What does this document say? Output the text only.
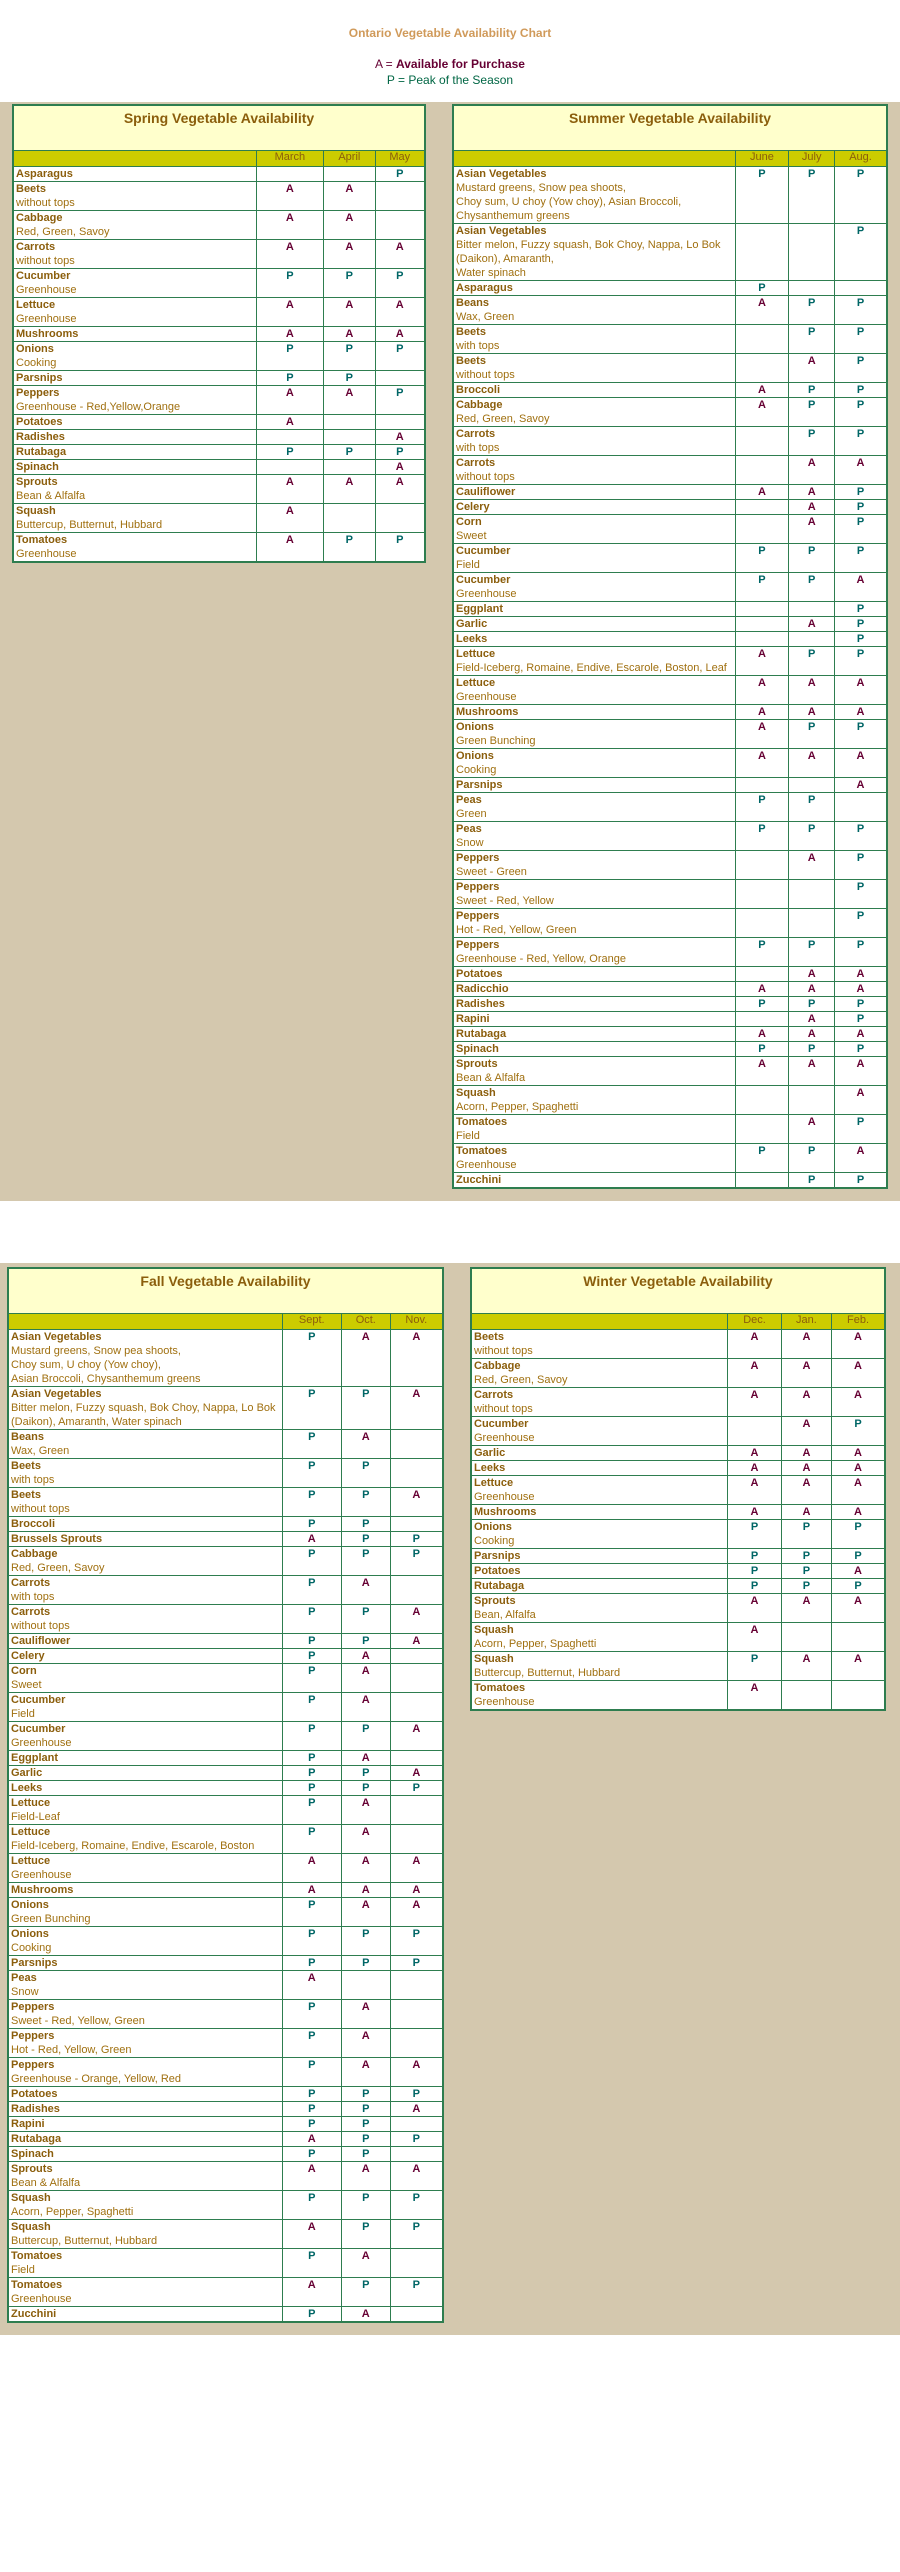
Ontario Vegetable Availability Chart
A = Available for Purchase
P = Peak of the Season
Spring Vegetable Availability			
	March	April	May

Asparagus			P

Beets
without tops	A	A	

Cabbage
Red, Green, Savoy	A	A	

Carrots
without tops	A	A	A

Cucumber
Greenhouse	P	P	P

Lettuce
Greenhouse	A	A	A

Mushrooms	A	A	A

Onions
Cooking	P	P	P

Parsnips	P	P	

Peppers
Greenhouse - Red,Yellow,Orange	A	A	P

Potatoes	A		

Radishes			A

Rutabaga	P	P	P

Spinach			A

Sprouts
Bean & Alfalfa	A	A	A

Squash
Buttercup, Butternut, Hubbard	A		

Tomatoes
Greenhouse	A	P	P
Summer Vegetable Availability			
	June	July	Aug.

Asian Vegetables
Mustard greens, Snow pea shoots,
Choy sum, U choy (Yow choy), Asian Broccoli,
Chysanthemum greens	P	P	P

Asian Vegetables
Bitter melon, Fuzzy squash, Bok Choy, Nappa, Lo Bok (Daikon), Amaranth,
Water spinach			P

Asparagus	P		

Beans
Wax, Green	A	P	P

Beets
with tops		P	P

Beets
without tops		A	P

Broccoli	A	P	P

Cabbage
Red, Green, Savoy	A	P	P

Carrots
with tops		P	P

Carrots
without tops		A	A

Cauliflower	A	A	P

Celery		A	P

Corn
Sweet		A	P

Cucumber
Field	P	P	P

Cucumber
Greenhouse	P	P	A

Eggplant			P

Garlic		A	P

Leeks			P

Lettuce
Field-Iceberg, Romaine, Endive, Escarole, Boston, Leaf	A	P	P

Lettuce
Greenhouse	A	A	A

Mushrooms	A	A	A

Onions
Green Bunching	A	P	P

Onions
Cooking	A	A	A

Parsnips			A

Peas
Green	P	P	

Peas
Snow	P	P	P

Peppers
Sweet - Green		A	P

Peppers
Sweet - Red, Yellow			P

Peppers
Hot - Red, Yellow, Green			P

Peppers
Greenhouse - Red, Yellow, Orange	P	P	P

Potatoes		A	A

Radicchio	A	A	A

Radishes	P	P	P

Rapini		A	P

Rutabaga	A	A	A

Spinach	P	P	P

Sprouts
Bean & Alfalfa	A	A	A

Squash
Acorn, Pepper, Spaghetti			A

Tomatoes
Field		A	P

Tomatoes
Greenhouse	P	P	A

Zucchini		P	P
Fall Vegetable Availability			
	Sept.	Oct.	Nov.

Asian Vegetables
Mustard greens, Snow pea shoots,
Choy sum, U choy (Yow choy),
Asian Broccoli, Chysanthemum greens	P	A	A

Asian Vegetables
Bitter melon, Fuzzy squash, Bok Choy, Nappa, Lo Bok (Daikon), Amaranth, Water spinach	P	P	A

Beans
Wax, Green	P	A	

Beets
with tops	P	P	

Beets
without tops	P	P	A

Broccoli	P	P	

Brussels Sprouts	A	P	P

Cabbage
Red, Green, Savoy	P	P	P

Carrots
with tops	P	A	

Carrots
without tops	P	P	A

Cauliflower	P	P	A

Celery	P	A	

Corn
Sweet	P	A	

Cucumber
Field	P	A	

Cucumber
Greenhouse	P	P	A

Eggplant	P	A	

Garlic	P	P	A

Leeks	P	P	P

Lettuce
Field-Leaf	P	A	

Lettuce
Field-Iceberg, Romaine, Endive, Escarole, Boston	P	A	

Lettuce
Greenhouse	A	A	A

Mushrooms	A	A	A

Onions
Green Bunching	P	A	A

Onions
Cooking	P	P	P

Parsnips	P	P	P

Peas
Snow	A		

Peppers
Sweet - Red, Yellow, Green	P	A	

Peppers
Hot - Red, Yellow, Green	P	A	

Peppers
Greenhouse - Orange, Yellow, Red	P	A	A

Potatoes	P	P	P

Radishes	P	P	A

Rapini	P	P	

Rutabaga	A	P	P

Spinach	P	P	

Sprouts
Bean & Alfalfa	A	A	A

Squash
Acorn, Pepper, Spaghetti	P	P	P

Squash
Buttercup, Butternut, Hubbard	A	P	P

Tomatoes
Field	P	A	

Tomatoes
Greenhouse	A	P	P

Zucchini	P	A	
Winter Vegetable Availability			
	Dec.	Jan.	Feb.

Beets
without tops	A	A	A

Cabbage
Red, Green, Savoy	A	A	A

Carrots
without tops	A	A	A

Cucumber
Greenhouse		A	P

Garlic	A	A	A

Leeks	A	A	A

Lettuce
Greenhouse	A	A	A

Mushrooms	A	A	A

Onions
Cooking	P	P	P

Parsnips	P	P	P

Potatoes	P	P	A

Rutabaga	P	P	P

Sprouts
Bean, Alfalfa	A	A	A

Squash
Acorn, Pepper, Spaghetti	A		

Squash
Buttercup, Butternut, Hubbard	P	A	A

Tomatoes
Greenhouse	A		
